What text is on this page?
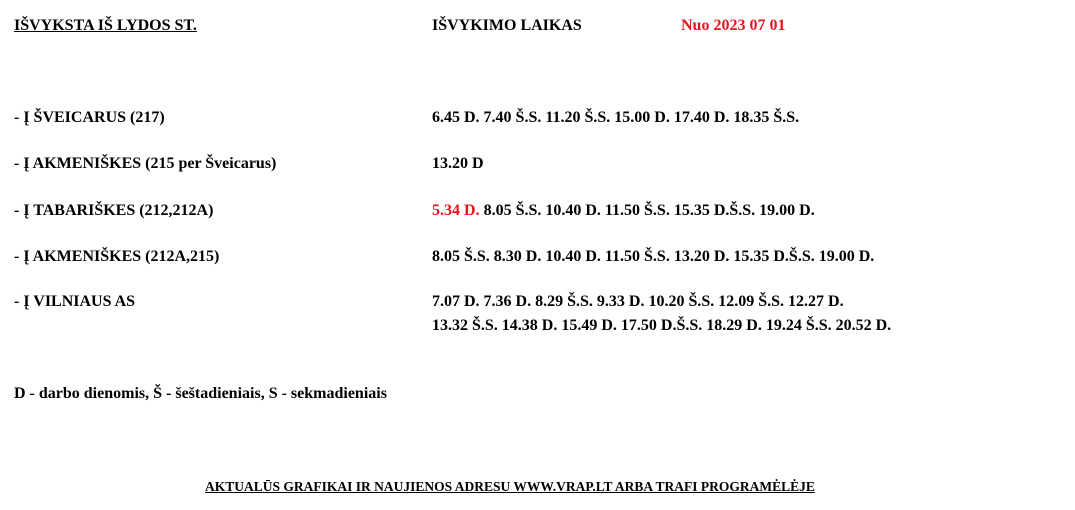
IŠVYKSTA IŠ LYDOS ST.	IŠVYKIMO LAIKAS	Nuo 2023 07 01
- Į ŠVEICARUS (217)	6.45 D. 7.40 Š.S. 11.20 Š.S. 15.00 D. 17.40 D. 18.35 Š.S.
- Į AKMENIŠKES (215 per Šveicarus)	13.20 D
- Į TABARIŠKES (212,212A)	5.34 D. 8.05 Š.S. 10.40 D. 11.50 Š.S. 15.35 D.Š.S. 19.00 D.
- Į AKMENIŠKES (212A,215)	8.05 Š.S. 8.30 D. 10.40 D. 11.50 Š.S. 13.20 D. 15.35 D.Š.S. 19.00 D.
- Į VILNIAUS AS	7.07 D. 7.36 D. 8.29 Š.S. 9.33 D. 10.20 Š.S. 12.09 Š.S. 12.27 D.
13.32 Š.S. 14.38 D. 15.49 D. 17.50 D.Š.S. 18.29 D. 19.24 Š.S. 20.52 D.
D - darbo dienomis, Š - šeštadieniais, S - sekmadieniais
AKTUALŪS GRAFIKAI IR NAUJIENOS ADRESU WWW.VRAP.LT ARBA TRAFI PROGRAMĖLĖJE
